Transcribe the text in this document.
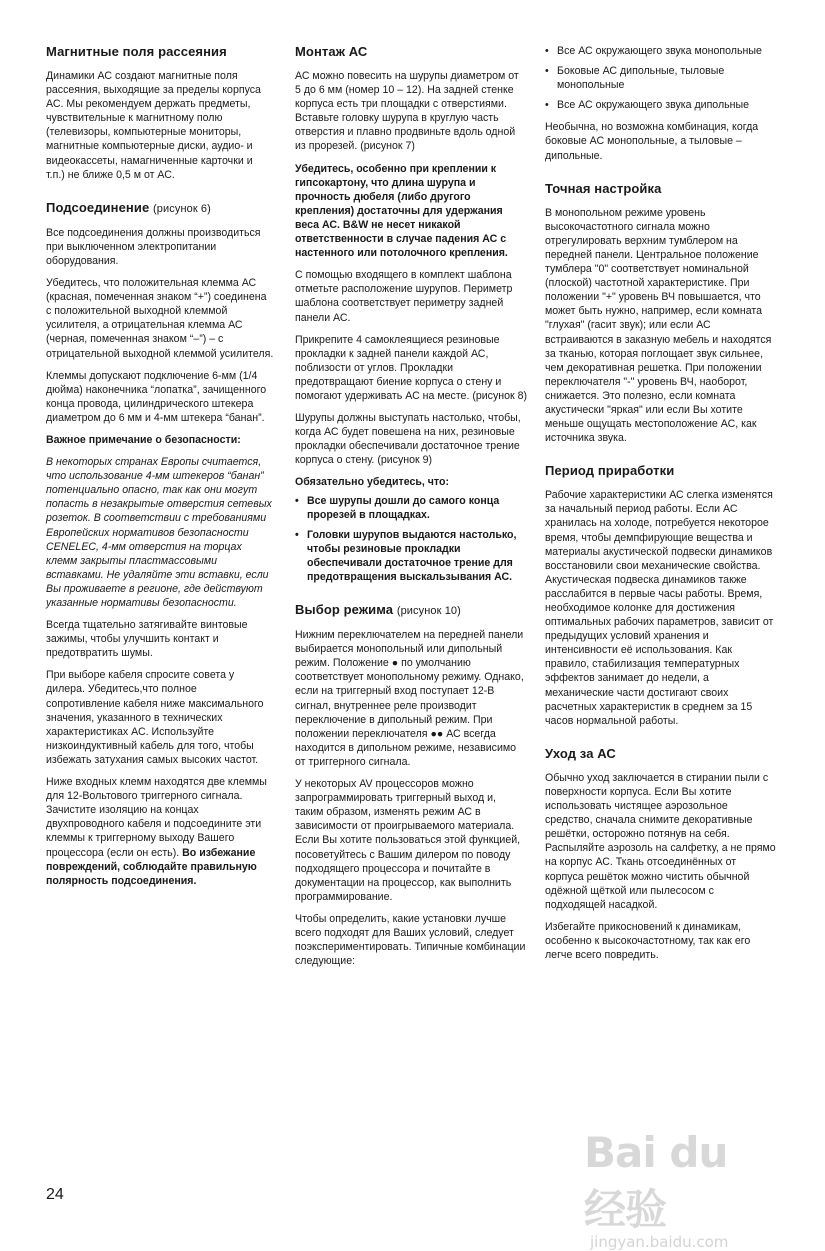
Магнитные поля рассеяния

Динамики АС создают магнитные поля рассеяния, выходящие за пределы корпуса АС. Мы рекомендуем держать предметы, чувствительные к магнитному полю (телевизоры, компьютерные мониторы, магнитные компьютерные диски, аудио- и видеокассеты, намагниченные карточки и т.п.) не ближе 0,5 м от АС.

Подсоединение (рисунок 6)

Все подсоединения должны производиться при выключенном электропитании оборудования.

Убедитесь, что положительная клемма АС (красная, помеченная знаком “+”) соединена с положительной выходной клеммой усилителя, а отрицательная клемма АС (черная, помеченная знаком “–”) – с отрицательной выходной клеммой усилителя.

Клеммы допускают подключение 6-мм (1/4 дюйма) наконечника “лопатка”, зачищенного конца провода, цилиндрического штекера диаметром до 6 мм и 4-мм штекера “банан”.

Важное примечание о безопасности:

В некоторых странах Европы считается, что использование 4-мм штекеров “банан” потенциально опасно, так как они могут попасть в незакрытые отверстия сетевых розеток. В соответствии с требованиями Европейских нормативов безопасности CENELEC, 4-мм отверстия на торцах клемм закрыты пластмассовыми вставками. Не удаляйте эти вставки, если Вы проживаете в регионе, где действуют указанные нормативы безопасности.

Всегда тщательно затягивайте винтовые зажимы, чтобы улучшить контакт и предотвратить шумы.

При выборе кабеля спросите совета у дилера. Убедитесь,что полное сопротивление кабеля ниже максимального значения, указанного в технических характеристиках АС. Используйте низкоиндуктивный кабель для того, чтобы избежать затухания самых высоких частот.

Ниже входных клемм находятся две клеммы для 12-Вольтового триггерного сигнала. Зачистите изоляцию на концах двухпроводного кабеля и подсоедините эти клеммы к триггерному выходу Вашего процессора (если он есть). Во избежание повреждений, соблюдайте правильную полярность подсоединения.

Монтаж АС

АС можно повесить на шурупы диаметром от 5 до 6 мм (номер 10 – 12). На задней стенке корпуса есть три площадки с отверстиями. Вставьте головку шурупа в круглую часть отверстия и плавно продвиньте вдоль одной из прорезей. (рисунок 7)

Убедитесь, особенно при креплении к гипсокартону, что длина шурупа и прочность дюбеля (либо другого крепления) достаточны для удержания веса АС. B&W не несет никакой ответственности в случае падения АС с настенного или потолочного крепления.

С помощью входящего в комплект шаблона отметьте расположение шурупов. Периметр шаблона соответствует периметру задней панели АС.

Прикрепите 4 самоклеящиеся резиновые прокладки к задней панели каждой АС, поблизости от углов. Прокладки предотвращают биение корпуса о стену и помогают удерживать АС на месте. (рисунок 8)

Шурупы должны выступать настолько, чтобы, когда АС будет повешена на них, резиновые прокладки обеспечивали достаточное трение корпуса о стену. (рисунок 9)

Обязательно убедитесь, что:

• Все шурупы дошли до самого конца прорезей в площадках.
• Головки шурупов выдаются настолько, чтобы резиновые прокладки обеспечивали достаточное трение для предотвращения выскальзывания АС.
Выбор режима (рисунок 10)

Нижним переключателем на передней панели выбирается монопольный или дипольный режим. Положение ● по умолчанию соответствует монопольному режиму. Однако, если на триггерный вход поступает 12-В сигнал, внутреннее реле производит переключение в дипольный режим. При положении переключателя ●● АС всегда находится в дипольном режиме, независимо от триггерного сигнала.

У некоторых AV процессоров можно запрограммировать триггерный выход и, таким образом, изменять режим АС в зависимости от проигрываемого материала. Если Вы хотите пользоваться этой функцией, посоветуйтесь с Вашим дилером по поводу подходящего процессора и почитайте в документации на процессор, как выполнить программирование.

Чтобы определить, какие установки лучше всего подходят для Ваших условий, следует поэкспериментировать. Типичные комбинации следующие:

• Все АС окружающего звука монопольные
• Боковые АС дипольные, тыловые монопольные
• Все АС окружающего звука дипольные

Необычна, но возможна комбинация, когда боковые АС монопольные, а тыловые – дипольные.

Точная настройка

В монопольном режиме уровень высокочастотного сигнала можно отрегулировать верхним тумблером на передней панели. Центральное положение тумблера "0" соответствует номинальной (плоской) частотной характеристике. При положении "+" уровень ВЧ повышается, что может быть нужно, например, если комната "глухая" (гасит звук); или если АС встраиваются в заказную мебель и находятся за тканью, которая поглощает звук сильнее, чем декоративная решетка. При положении переключателя "-" уровень ВЧ, наоборот, снижается. Это полезно, если комната акустически "яркая" или если Вы хотите меньше ощущать местоположение АС, как источника звука.

Период приработки

Рабочие характеристики АС слегка изменятся за начальный период работы. Если АС хранилась на холоде, потребуется некоторое время, чтобы демпфирующие вещества и материалы акустической подвески динамиков восстановили свои механические свойства. Акустическая подвеска динамиков также расслабится в первые часы работы. Время, необходимое колонке для достижения оптимальных рабочих параметров, зависит от предыдущих условий хранения и интенсивности её использования. Как правило, стабилизация температурных эффектов занимает до недели, а механические части достигают своих расчетных характеристик в среднем за 15 часов нормальной работы.

Уход за АС

Обычно уход заключается в стирании пыли с поверхности корпуса. Если Вы хотите использовать чистящее аэрозольное средство, сначала снимите декоративные решётки, осторожно потянув на себя. Распыляйте аэрозоль на салфетку, а не прямо на корпус АС. Ткань отсоединённых от корпуса решёток можно чистить обычной одёжной щёткой или пылесосом с подходящей насадкой.

Избегайте прикосновений к динамикам, особенно к высокочастотному, так как его легче всего повредить.

24
Bai du 经验
jingyan.baidu.com
